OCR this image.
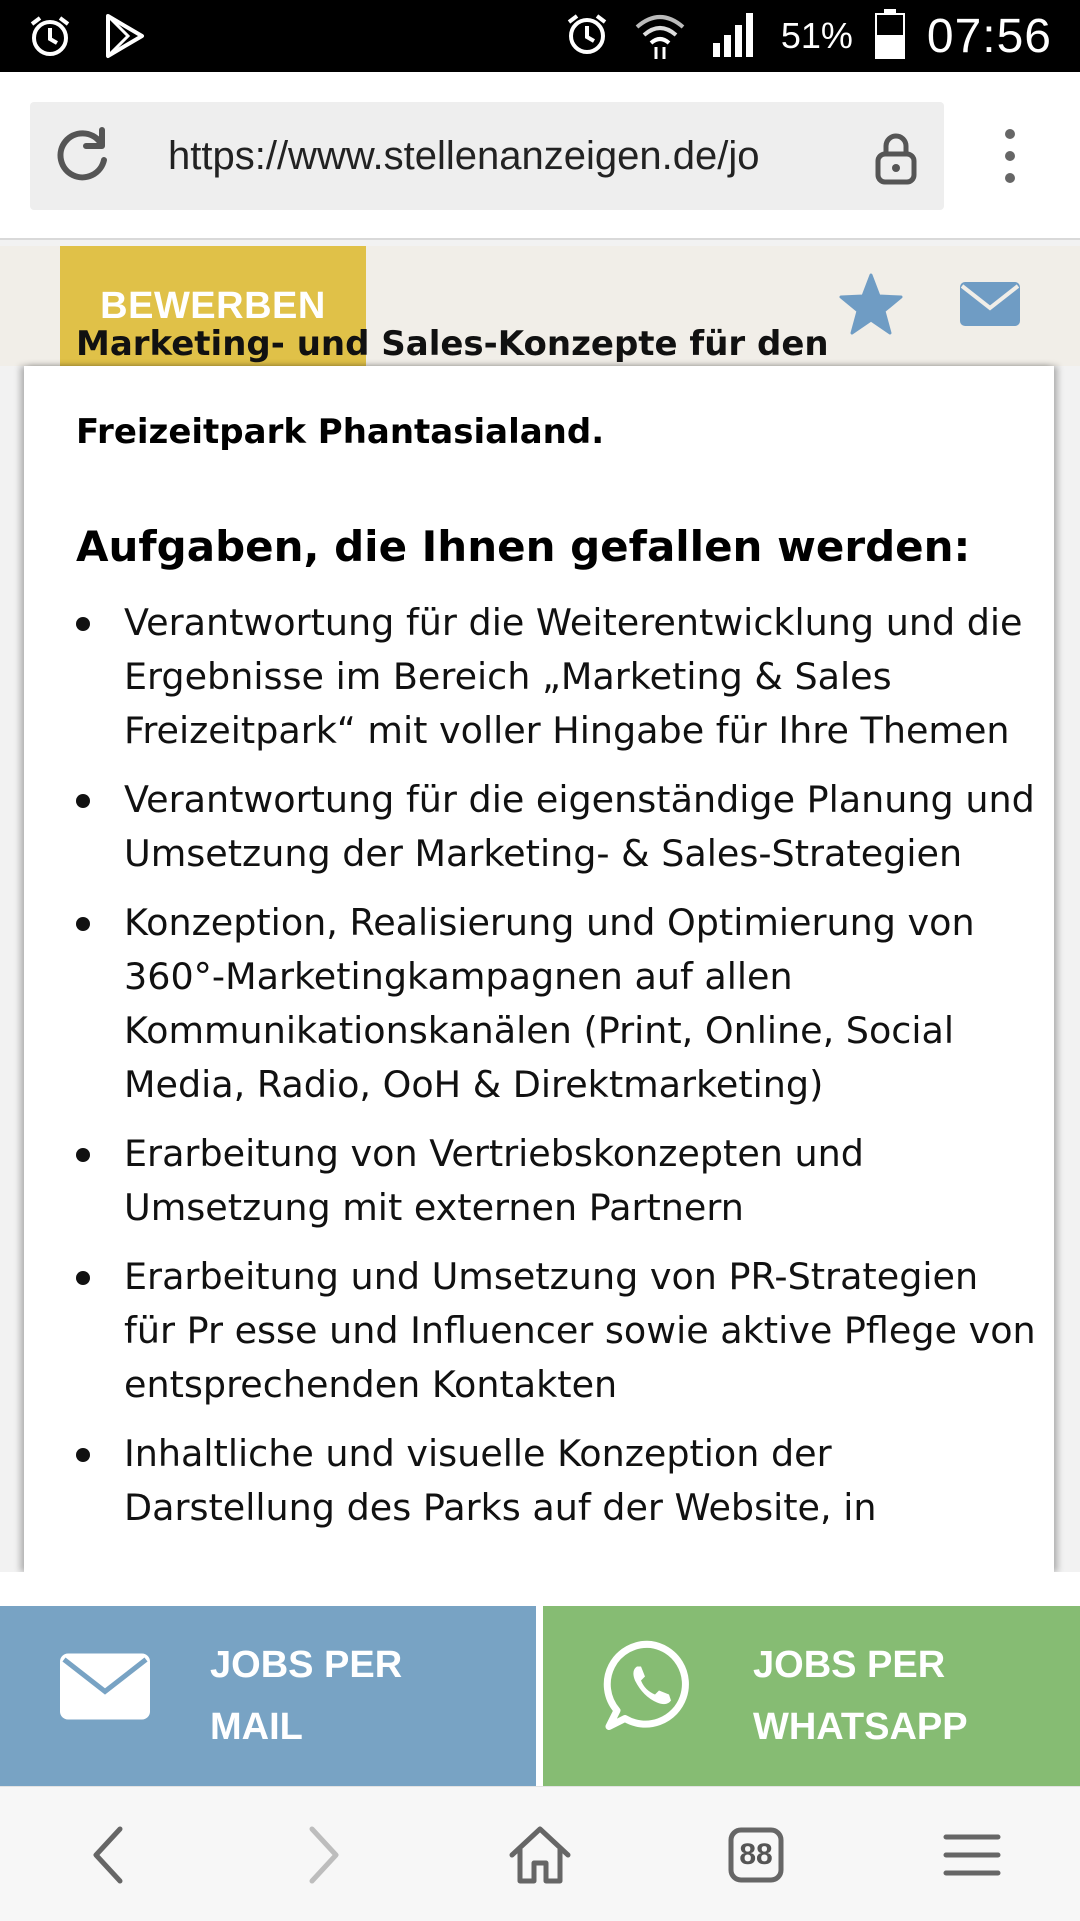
51% 07:56
https://www.stellenanzeigen.de/jo
BEWERBEN
Marketing- und Sales-Konzepte für den
Freizeitpark Phantasialand.
Aufgaben, die Ihnen gefallen werden:
Verantwortung für die Weiterentwicklung und die Ergebnisse im Bereich „Marketing & Sales Freizeitpark“ mit voller Hingabe für Ihre Themen
Verantwortung für die eigenständige Planung und Umsetzung der Marketing- & Sales-Strategien
Konzeption, Realisierung und Optimierung von 360°-Marketingkampagnen auf allen Kommunikationskanälen (Print, Online, Social Media, Radio, OoH & Direktmarketing)
Erarbeitung von Vertriebskonzepten und Umsetzung mit externen Partnern
Erarbeitung und Umsetzung von PR-Strategien für Pr esse und Influencer sowie aktive Pflege von entsprechenden Kontakten
Inhaltliche und visuelle Konzeption der Darstellung des Parks auf der Website, in
JOBS PER
MAIL
JOBS PER
WHATSAPP
88
